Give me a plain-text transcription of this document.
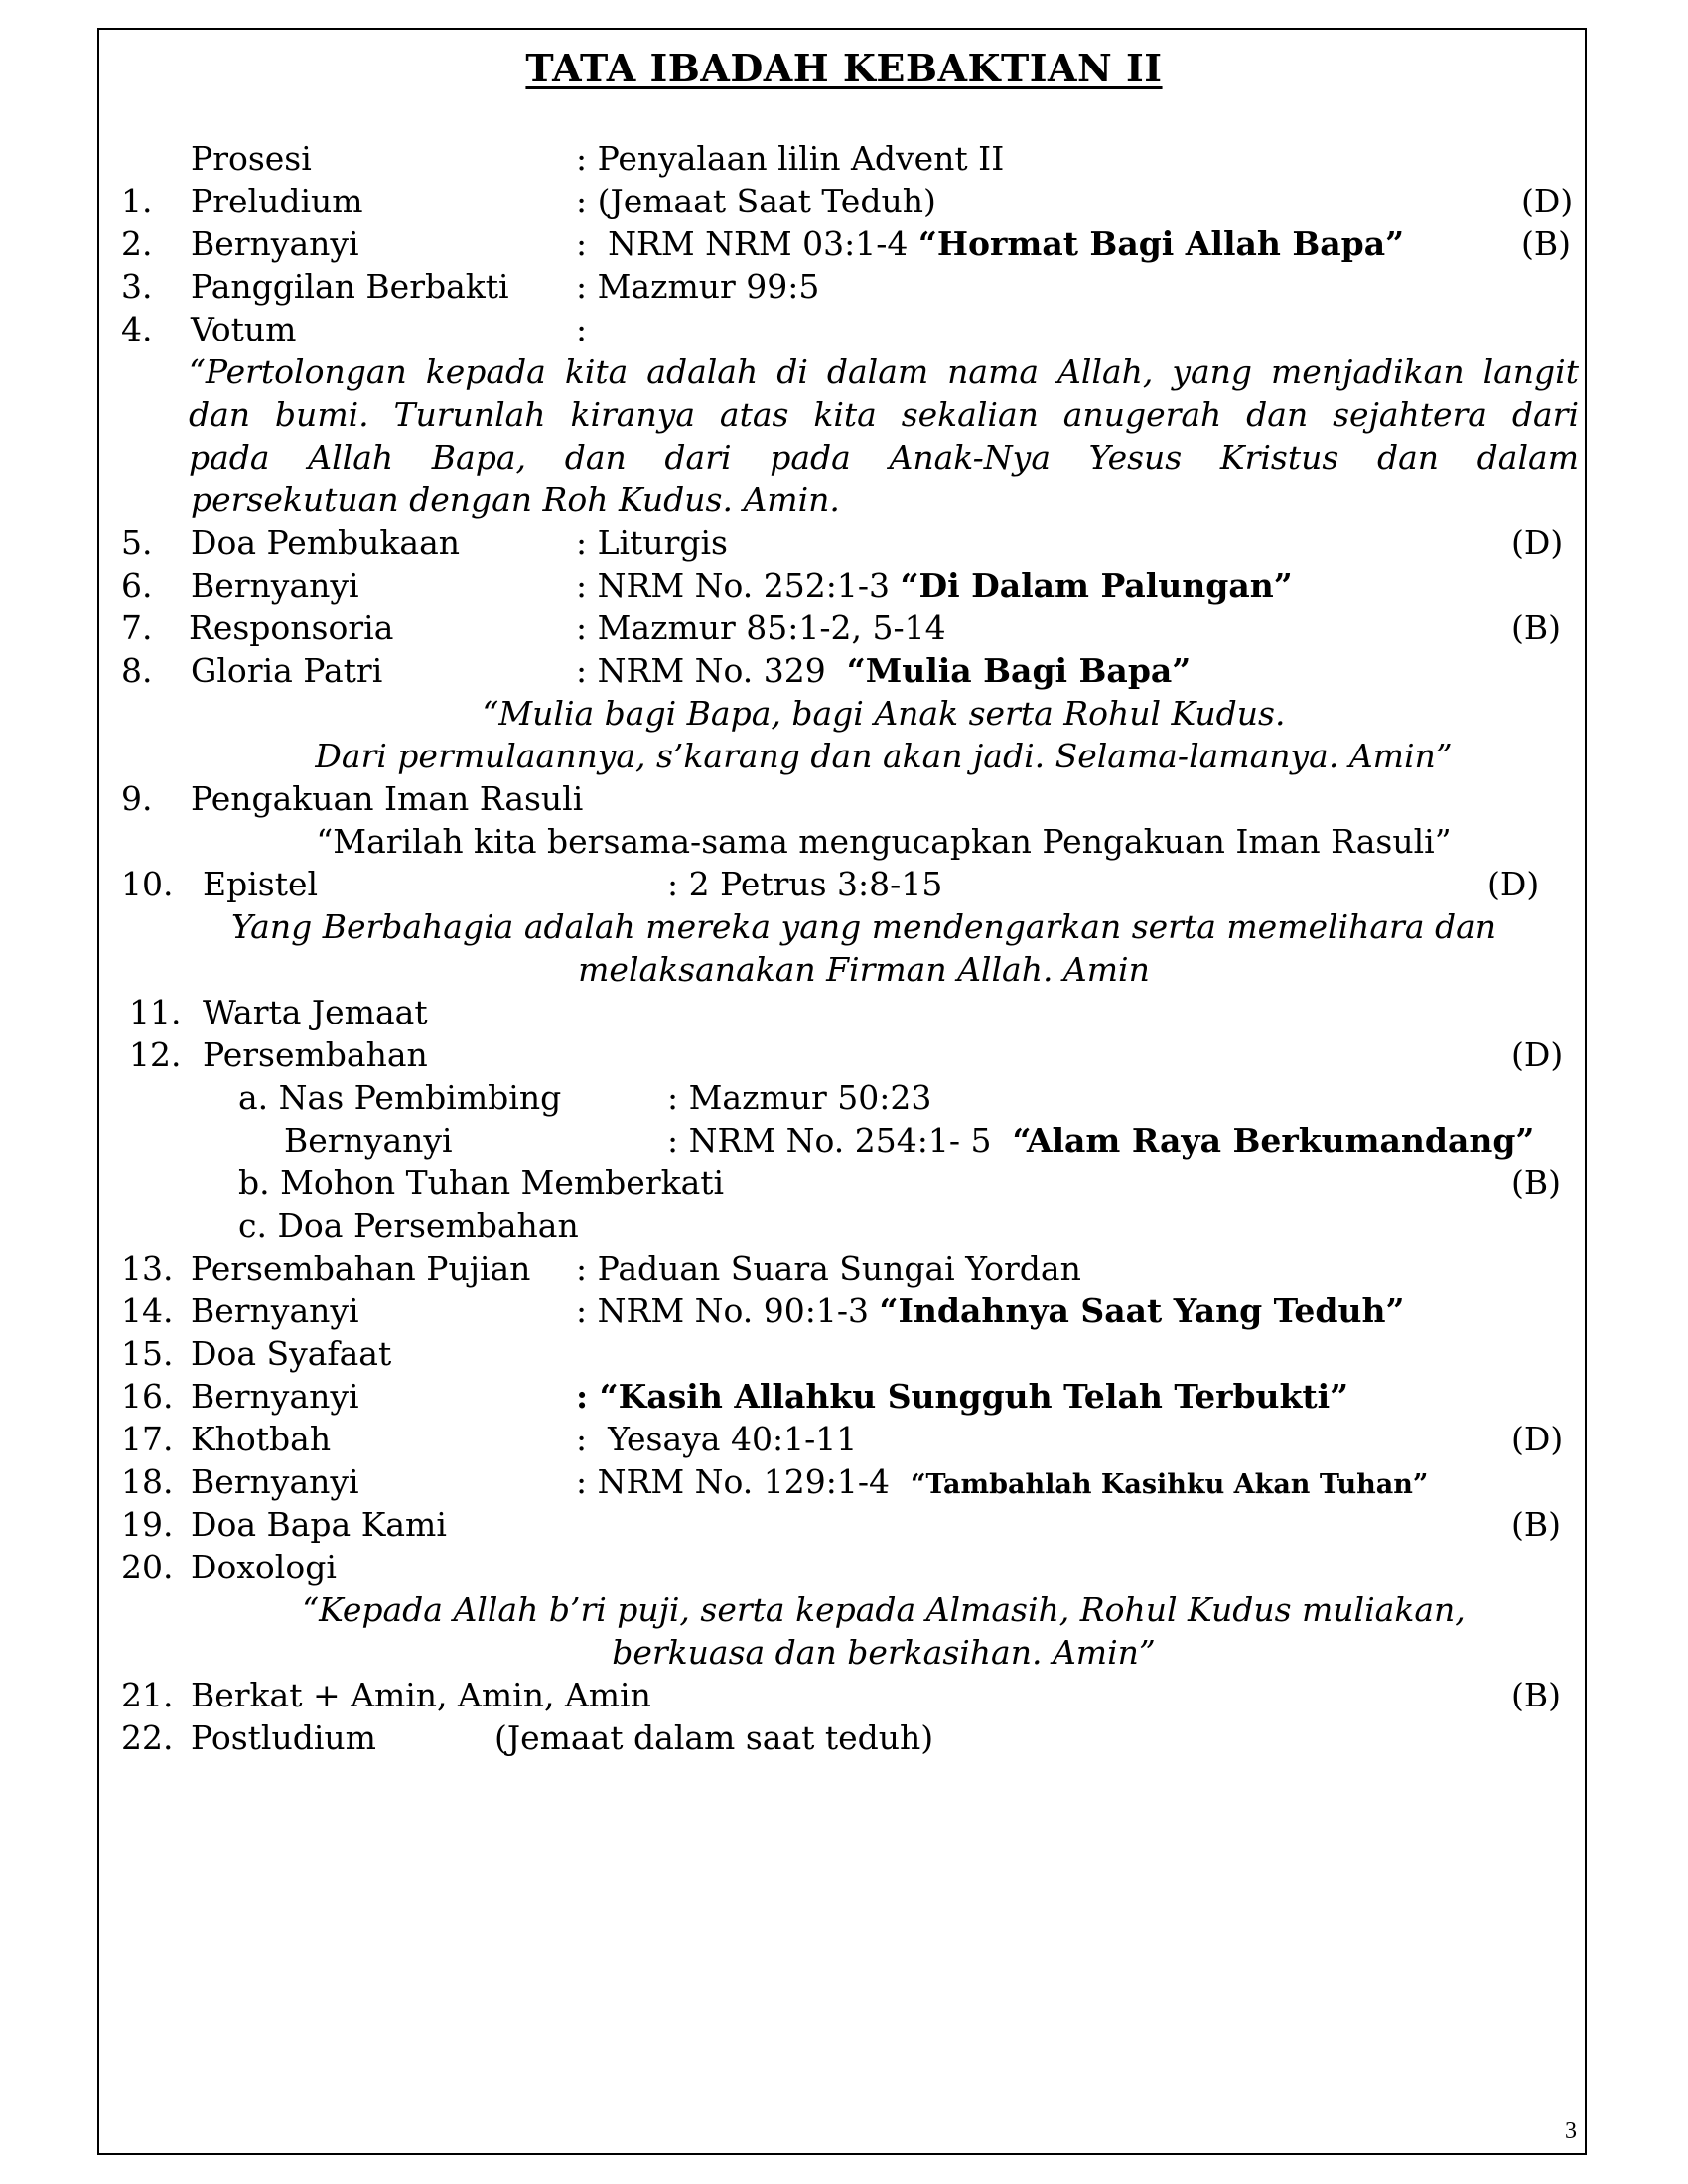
TATA IBADAH KEBAKTIAN II
Prosesi	: Penyalaan lilin Advent II
1. Preludium	: (Jemaat Saat Teduh)	(D)
2. Bernyanyi	:  NRM NRM 03:1-4 “Hormat Bagi Allah Bapa”	(B)
3. Panggilan Berbakti : Mazmur 99:5
4. Votum	:
“Pertolongan kepada kita adalah di dalam nama Allah, yang menjadikan langit
dan bumi. Turunlah kiranya atas kita sekalian anugerah dan sejahtera dari
pada Allah Bapa, dan dari pada Anak-Nya Yesus Kristus dan dalam
persekutuan dengan Roh Kudus. Amin.
5. Doa Pembukaan	: Liturgis	(D)
6. Bernyanyi	: NRM No. 252:1-3 “Di Dalam Palungan”
7. Responsoria	: Mazmur 85:1-2, 5-14	(B)
8. Gloria Patri	: NRM No. 329  “Mulia Bagi Bapa”
“Mulia bagi Bapa, bagi Anak serta Rohul Kudus.
Dari permulaannya, s’karang dan akan jadi. Selama-lamanya. Amin”
9. Pengakuan Iman Rasuli
“Marilah kita bersama-sama mengucapkan Pengakuan Iman Rasuli”
10. Epistel	: 2 Petrus 3:8-15	(D)
Yang Berbahagia adalah mereka yang mendengarkan serta memelihara dan
melaksanakan Firman Allah. Amin
11. Warta Jemaat
12. Persembahan	(D)
a. Nas Pembimbing	: Mazmur 50:23
Bernyanyi	: NRM No. 254:1- 5  “Alam Raya Berkumandang”
b. Mohon Tuhan Memberkati	(B)
c. Doa Persembahan
13. Persembahan Pujian : Paduan Suara Sungai Yordan
14. Bernyanyi	: NRM No. 90:1-3 “Indahnya Saat Yang Teduh”
15. Doa Syafaat
16. Bernyanyi	: “Kasih Allahku Sungguh Telah Terbukti”
17. Khotbah	:  Yesaya 40:1-11	(D)
18. Bernyanyi	: NRM No. 129:1-4  “Tambahlah Kasihku Akan Tuhan”
19. Doa Bapa Kami	(B)
20. Doxologi
“Kepada Allah b’ri puji, serta kepada Almasih, Rohul Kudus muliakan,
berkuasa dan berkasihan. Amin”
21. Berkat + Amin, Amin, Amin	(B)
22. Postludium	(Jemaat dalam saat teduh)
3
